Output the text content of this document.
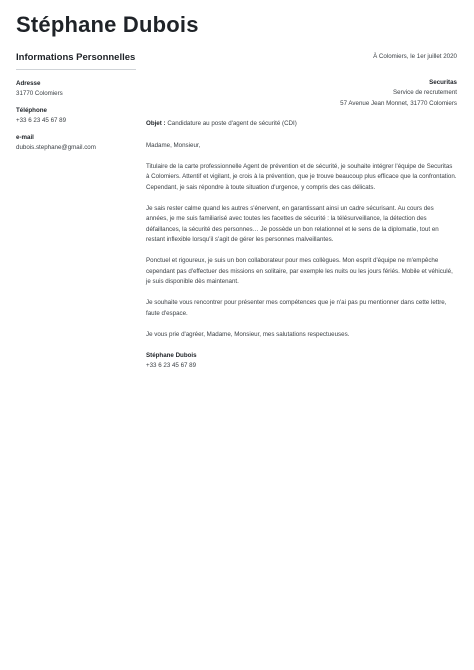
Stéphane Dubois
Informations Personnelles
Adresse
31770 Colomiers
Téléphone
+33 6 23 45 67 89
e-mail
dubois.stephane@gmail.com
À Colomiers, le 1er juillet 2020
Securitas
Service de recrutement
57 Avenue Jean Monnet, 31770 Colomiers
Objet : Candidature au poste d'agent de sécurité (CDI)

Madame, Monsieur,

Titulaire de la carte professionnelle Agent de prévention et de sécurité, je souhaite intégrer l'équipe de Securitas à Colomiers. Attentif et vigilant, je crois à la prévention, que je trouve beaucoup plus efficace que la confrontation. Cependant, je sais répondre à toute situation d'urgence, y compris des cas délicats.

Je sais rester calme quand les autres s'énervent, en garantissant ainsi un cadre sécurisant. Au cours des années, je me suis familiarisé avec toutes les facettes de sécurité : la télésurveillance, la détection des défaillances, la sécurité des personnes… Je possède un bon relationnel et le sens de la diplomatie, tout en restant inflexible lorsqu'il s'agit de gérer les personnes malveillantes.

Ponctuel et rigoureux, je suis un bon collaborateur pour mes collègues. Mon esprit d'équipe ne m'empêche cependant pas d'effectuer des missions en solitaire, par exemple les nuits ou les jours fériés. Mobile et véhiculé, je suis disponible dès maintenant.

Je souhaite vous rencontrer pour présenter mes compétences que je n'ai pas pu mentionner dans cette lettre, faute d'espace.

Je vous prie d'agréer, Madame, Monsieur, mes salutations respectueuses.

Stéphane Dubois
+33 6 23 45 67 89
